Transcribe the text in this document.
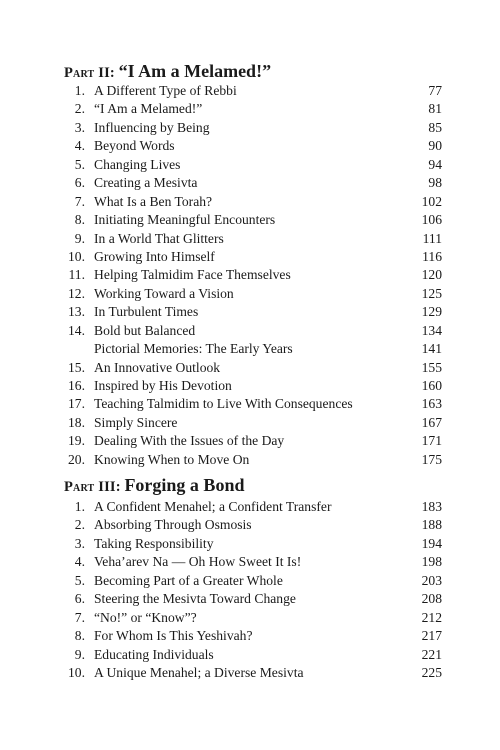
Part II: “I Am a Melamed!”
1. A Different Type of Rebbi	77
2. “I Am a Melamed!”	81
3. Influencing by Being	85
4. Beyond Words	90
5. Changing Lives	94
6. Creating a Mesivta	98
7. What Is a Ben Torah?	102
8. Initiating Meaningful Encounters	106
9. In a World That Glitters	111
10. Growing Into Himself	116
11. Helping Talmidim Face Themselves	120
12. Working Toward a Vision	125
13. In Turbulent Times	129
14. Bold but Balanced	134
Pictorial Memories: The Early Years	141
15. An Innovative Outlook	155
16. Inspired by His Devotion	160
17. Teaching Talmidim to Live With Consequences	163
18. Simply Sincere	167
19. Dealing With the Issues of the Day	171
20. Knowing When to Move On	175
Part III: Forging a Bond
1. A Confident Menahel; a Confident Transfer	183
2. Absorbing Through Osmosis	188
3. Taking Responsibility	194
4. Veha’arev Na — Oh How Sweet It Is!	198
5. Becoming Part of a Greater Whole	203
6. Steering the Mesivta Toward Change	208
7. “No!” or “Know”?	212
8. For Whom Is This Yeshivah?	217
9. Educating Individuals	221
10. A Unique Menahel; a Diverse Mesivta	225
